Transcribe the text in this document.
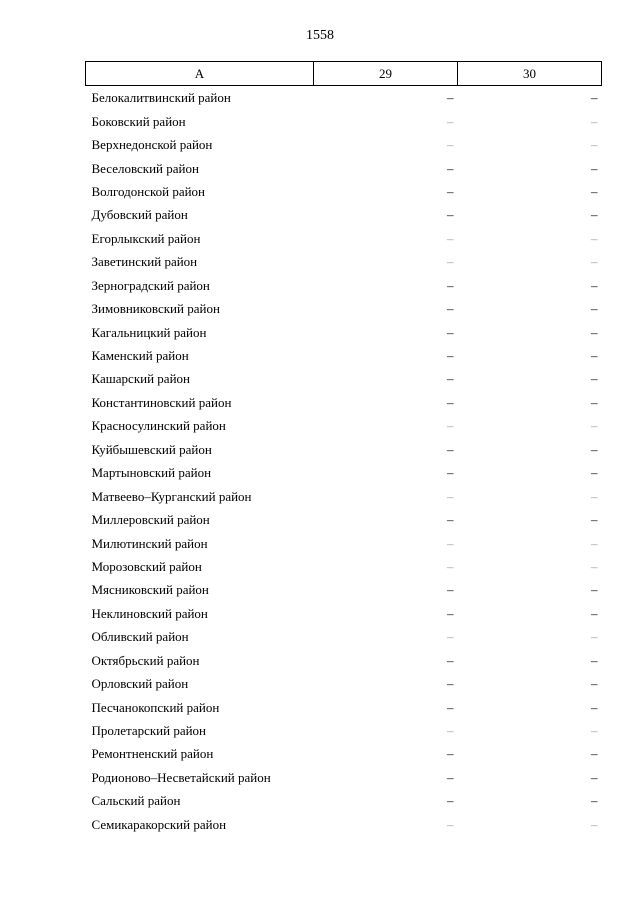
1558
А	29	30
Белокалитвинский район	–	–
Боковский район	–	–
Верхнедонской район	–	–
Веселовский район	–	–
Волгодонской район	–	–
Дубовский район	–	–
Егорлыкский район	–	–
Заветинский район	–	–
Зерноградский район	–	–
Зимовниковский район	–	–
Кагальницкий район	–	–
Каменский район	–	–
Кашарский район	–	–
Константиновский район	–	–
Красносулинский район	–	–
Куйбышевский район	–	–
Мартыновский район	–	–
Матвеево–Курганский район	–	–
Миллеровский район	–	–
Милютинский район	–	–
Морозовский район	–	–
Мясниковский район	–	–
Неклиновский район	–	–
Обливский район	–	–
Октябрьский район	–	–
Орловский район	–	–
Песчанокопский район	–	–
Пролетарский район	–	–
Ремонтненский район	–	–
Родионово–Несветайский район	–	–
Сальский район	–	–
Семикаракорский район	–	–
